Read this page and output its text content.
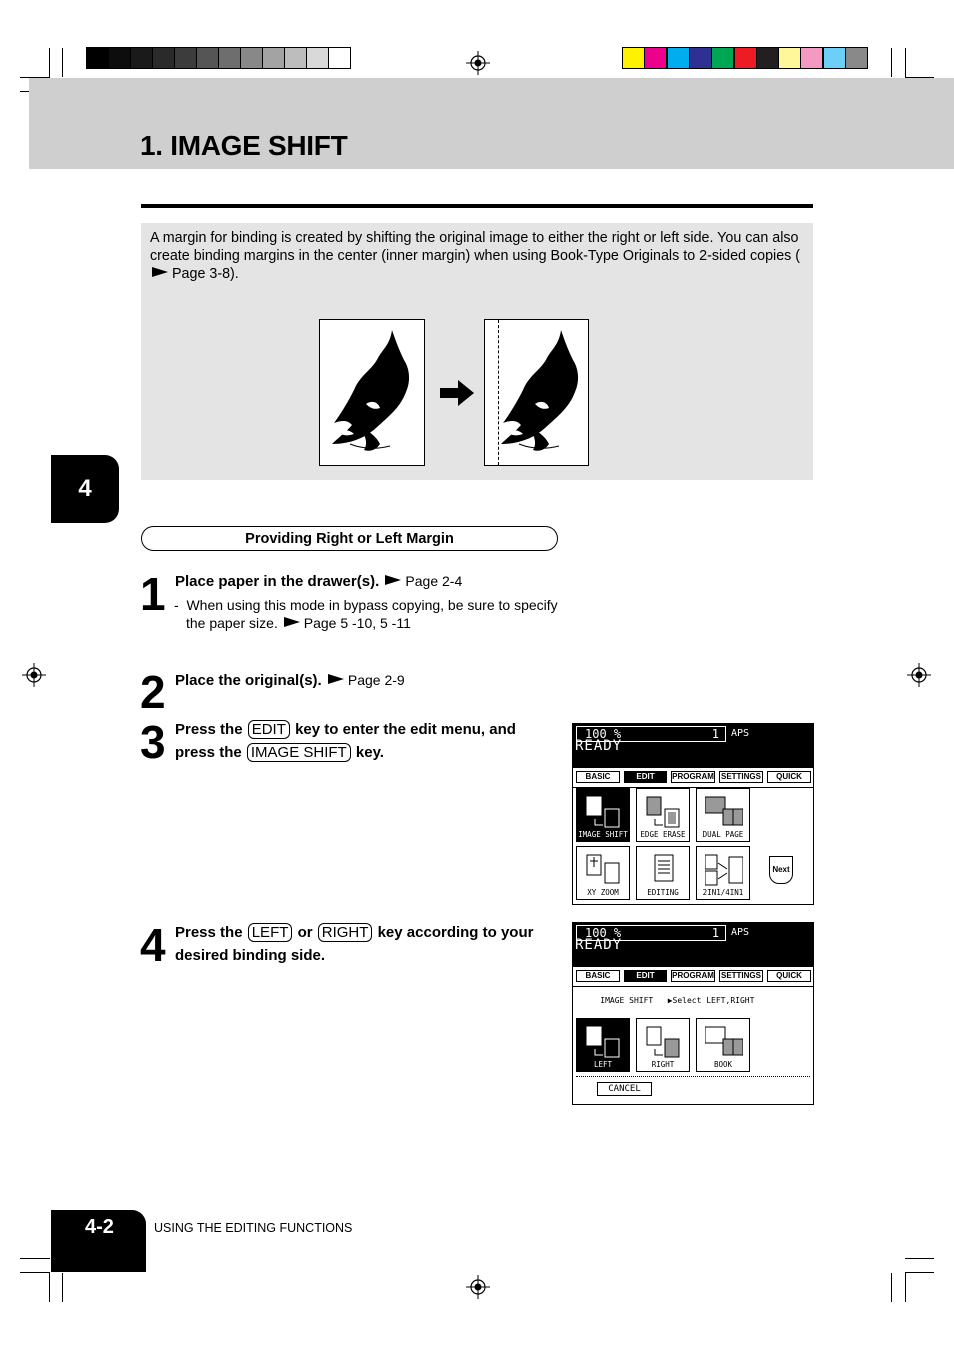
1. IMAGE SHIFT
A margin for binding is created by shifting the original image to either the right or left side. You can also create binding margins in the center (inner margin) when using Book-Type Originals to 2-sided copies (Page 3-8).
4
Providing Right or Left Margin
1 Place paper in the drawer(s). Page 2-4
-  When using this mode in bypass copying, be sure to specify
the paper size. Page 5 -10, 5 -11
2 Place the original(s). Page 2-9
3 Press the EDIT key to enter the edit menu, and
press the IMAGE SHIFT key.
4 Press the LEFT or RIGHT key according to your
desired binding side.
100 %	1 APS
READY
BASIC	EDIT	PROGRAM SETTINGS	QUICK
IMAGE SHIFT	EDGE ERASE	DUAL PAGE
XY ZOOM	EDITING	2IN1/4IN1
Next
100 %	1 APS
READY
BASIC	EDIT	PROGRAM SETTINGS	QUICK

IMAGE SHIFT ▶Select LEFT,RIGHT

LEFT	RIGHT	BOOK
CANCEL
4-2	USING THE EDITING FUNCTIONS
